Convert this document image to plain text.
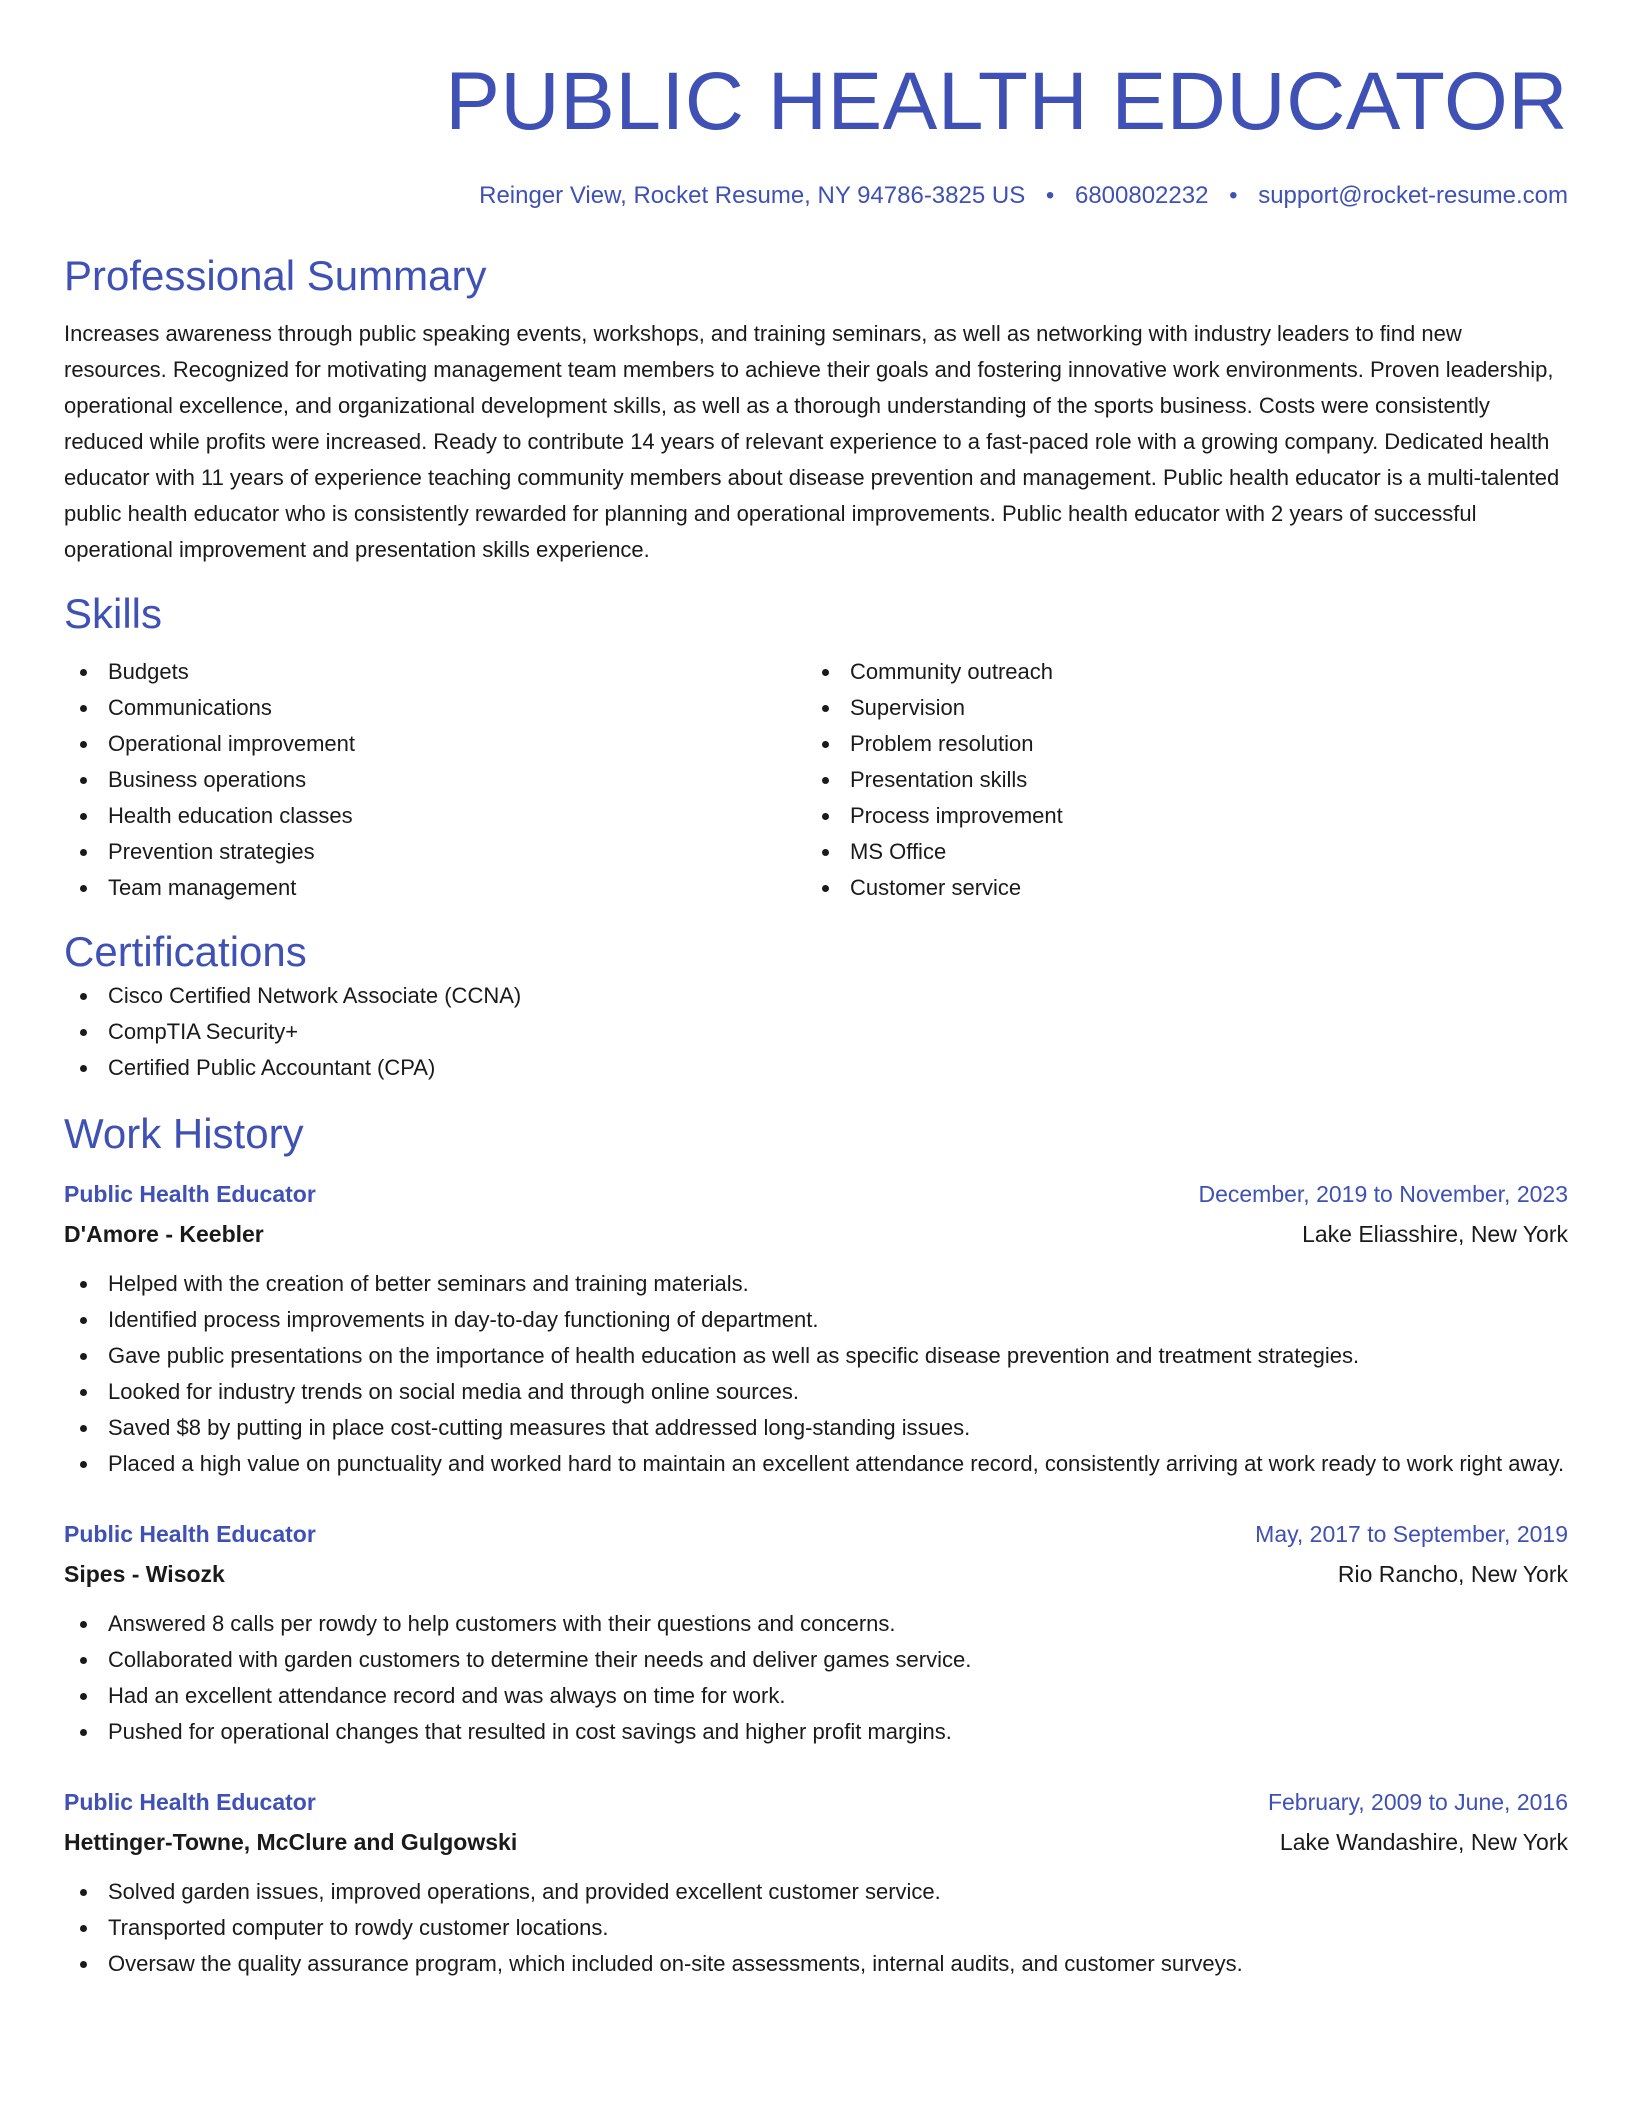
PUBLIC HEALTH EDUCATOR
Reinger View, Rocket Resume, NY 94786-3825 US • 6800802232 • support@rocket-resume.com
Professional Summary
Increases awareness through public speaking events, workshops, and training seminars, as well as networking with industry leaders to find new resources. Recognized for motivating management team members to achieve their goals and fostering innovative work environments. Proven leadership, operational excellence, and organizational development skills, as well as a thorough understanding of the sports business. Costs were consistently reduced while profits were increased. Ready to contribute 14 years of relevant experience to a fast-paced role with a growing company. Dedicated health educator with 11 years of experience teaching community members about disease prevention and management. Public health educator is a multi-talented public health educator who is consistently rewarded for planning and operational improvements. Public health educator with 2 years of successful operational improvement and presentation skills experience.
Skills
Budgets
Communications
Operational improvement
Business operations
Health education classes
Prevention strategies
Team management
Community outreach
Supervision
Problem resolution
Presentation skills
Process improvement
MS Office
Customer service
Certifications
Cisco Certified Network Associate (CCNA)
CompTIA Security+
Certified Public Accountant (CPA)
Work History
Public Health Educator	December, 2019 to November, 2023
D'Amore - Keebler	Lake Eliasshire, New York
Helped with the creation of better seminars and training materials.
Identified process improvements in day-to-day functioning of department.
Gave public presentations on the importance of health education as well as specific disease prevention and treatment strategies.
Looked for industry trends on social media and through online sources.
Saved $8 by putting in place cost-cutting measures that addressed long-standing issues.
Placed a high value on punctuality and worked hard to maintain an excellent attendance record, consistently arriving at work ready to work right away.
Public Health Educator	May, 2017 to September, 2019
Sipes - Wisozk	Rio Rancho, New York
Answered 8 calls per rowdy to help customers with their questions and concerns.
Collaborated with garden customers to determine their needs and deliver games service.
Had an excellent attendance record and was always on time for work.
Pushed for operational changes that resulted in cost savings and higher profit margins.
Public Health Educator	February, 2009 to June, 2016
Hettinger-Towne, McClure and Gulgowski	Lake Wandashire, New York
Solved garden issues, improved operations, and provided excellent customer service.
Transported computer to rowdy customer locations.
Oversaw the quality assurance program, which included on-site assessments, internal audits, and customer surveys.
